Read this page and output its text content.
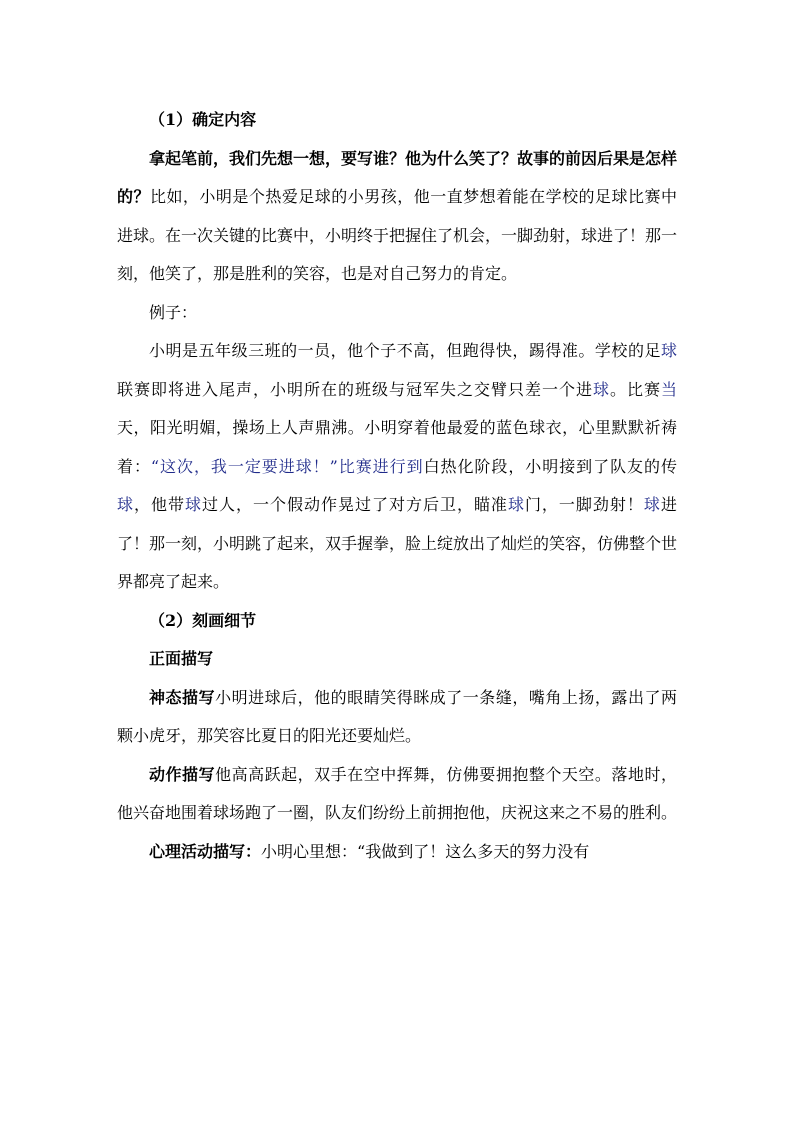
（1）确定内容

拿起笔前，我们先想一想，要写谁？他为什么笑了？故事的前因后果是怎样的？比如，小明是个热爱足球的小男孩，他一直梦想着能在学校的足球比赛中进球。在一次关键的比赛中，小明终于把握住了机会，一脚劲射，球进了！那一刻，他笑了，那是胜利的笑容，也是对自己努力的肯定。

例子：

小明是五年级三班的一员，他个子不高，但跑得快，踢得准。学校的足球联赛即将进入尾声，小明所在的班级与冠军失之交臂只差一个进球。比赛当天，阳光明媚，操场上人声鼎沸。小明穿着他最爱的蓝色球衣，心里默默祈祷着：“这次，我一定要进球！”比赛进行到白热化阶段，小明接到了队友的传球，他带球过人，一个假动作晃过了对方后卫，瞄准球门，一脚劲射！球进了！那一刻，小明跳了起来，双手握拳，脸上绽放出了灿烂的笑容，仿佛整个世界都亮了起来。

（2）刻画细节

正面描写

神态描写小明进球后，他的眼睛笑得眯成了一条缝，嘴角上扬，露出了两颗小虎牙，那笑容比夏日的阳光还要灿烂。

动作描写他高高跃起，双手在空中挥舞，仿佛要拥抱整个天空。落地时，他兴奋地围着球场跑了一圈，队友们纷纷上前拥抱他，庆祝这来之不易的胜利。

心理活动描写：小明心里想：“我做到了！这么多天的努力没有
